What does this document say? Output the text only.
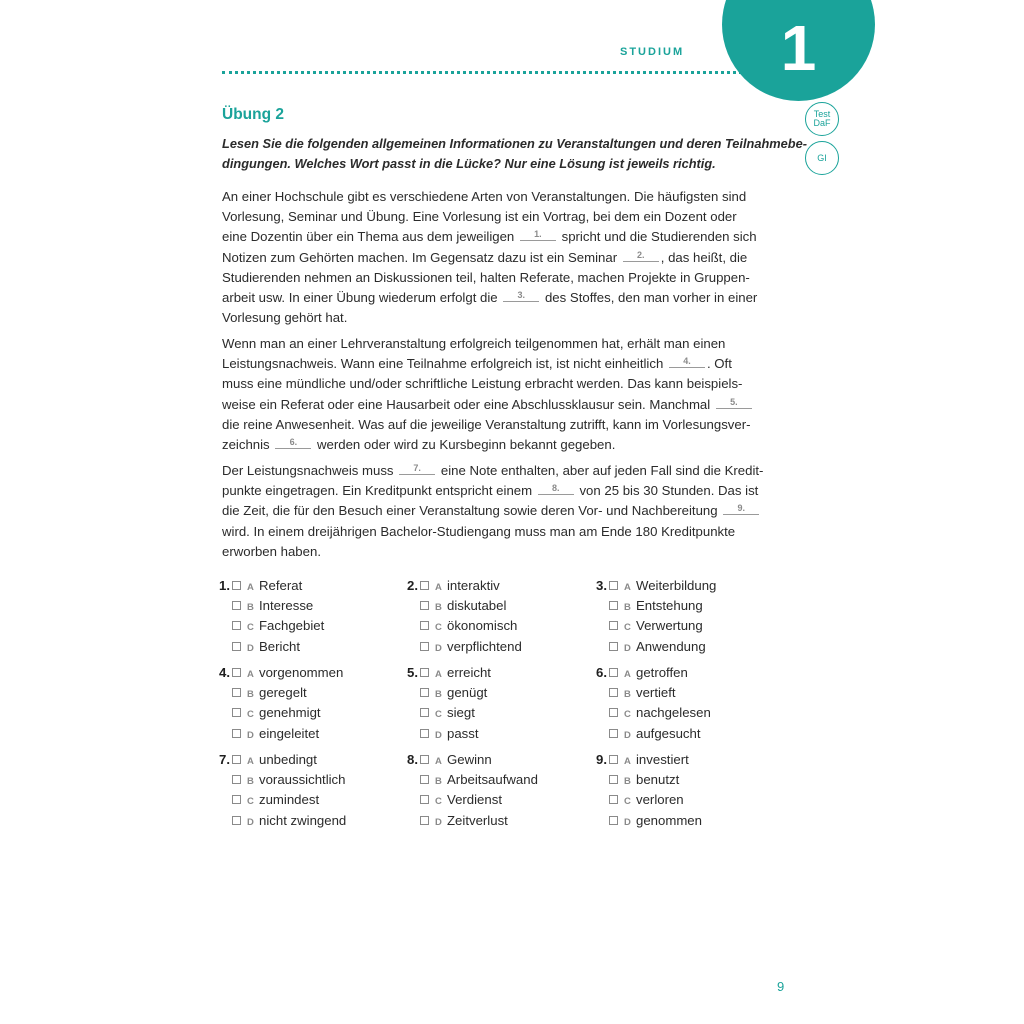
1
STUDIUM
Test
DaF
GI
Übung 2

Lesen Sie die folgenden allgemeinen Informationen zu Veranstaltungen und deren Teilnahmebe-

dingungen. Welches Wort passt in die Lücke? Nur eine Lösung ist jeweils richtig.

An einer Hochschule gibt es verschiedene Arten von Veranstaltungen. Die häufigsten sind
Vorlesung, Seminar und Übung. Eine Vorlesung ist ein Vortrag, bei dem ein Dozent oder
eine Dozentin über ein Thema aus dem jeweiligen 1. spricht und die Studierenden sich
Notizen zum Gehörten machen. Im Gegensatz dazu ist ein Seminar 2. , das heißt, die
Studierenden nehmen an Diskussionen teil, halten Referate, machen Projekte in Gruppen-
arbeit usw. In einer Übung wiederum erfolgt die 3. des Stoffes, den man vorher in einer
Vorlesung gehört hat.
Wenn man an einer Lehrveranstaltung erfolgreich teilgenommen hat, erhält man einen
Leistungsnachweis. Wann eine Teilnahme erfolgreich ist, ist nicht einheitlich 4. . Oft
muss eine mündliche und/oder schriftliche Leistung erbracht werden. Das kann beispiels-
weise ein Referat oder eine Hausarbeit oder eine Abschlussklausur sein. Manchmal 5.
die reine Anwesenheit. Was auf die jeweilige Veranstaltung zutrifft, kann im Vorlesungsver-
zeichnis 6. werden oder wird zu Kursbeginn bekannt gegeben.
Der Leistungsnachweis muss 7. eine Note enthalten, aber auf jeden Fall sind die Kredit-
punkte eingetragen. Ein Kreditpunkt entspricht einem 8. von 25 bis 30 Stunden. Das ist
die Zeit, die für den Besuch einer Veranstaltung sowie deren Vor- und Nachbereitung 9.
wird. In einem dreijährigen Bachelor-Studiengang muss man am Ende 180 Kreditpunkte
erworben haben.
1.	A Referat
B Interesse
C Fachgebiet
D Bericht
2.	A interaktiv
B diskutabel
C ökonomisch
D verpflichtend
3.	A Weiterbildung
B Entstehung
C Verwertung
D Anwendung
4.	A vorgenommen
B geregelt
C genehmigt
D eingeleitet
5.	A erreicht
B genügt
C siegt
D passt
6.	A getroffen
B vertieft
C nachgelesen
D aufgesucht
7.	A unbedingt
B voraussichtlich
C zumindest
D nicht zwingend
8.	A Gewinn
B Arbeitsaufwand
C Verdienst
D Zeitverlust
9.	A investiert
B benutzt
C verloren
D genommen
9
